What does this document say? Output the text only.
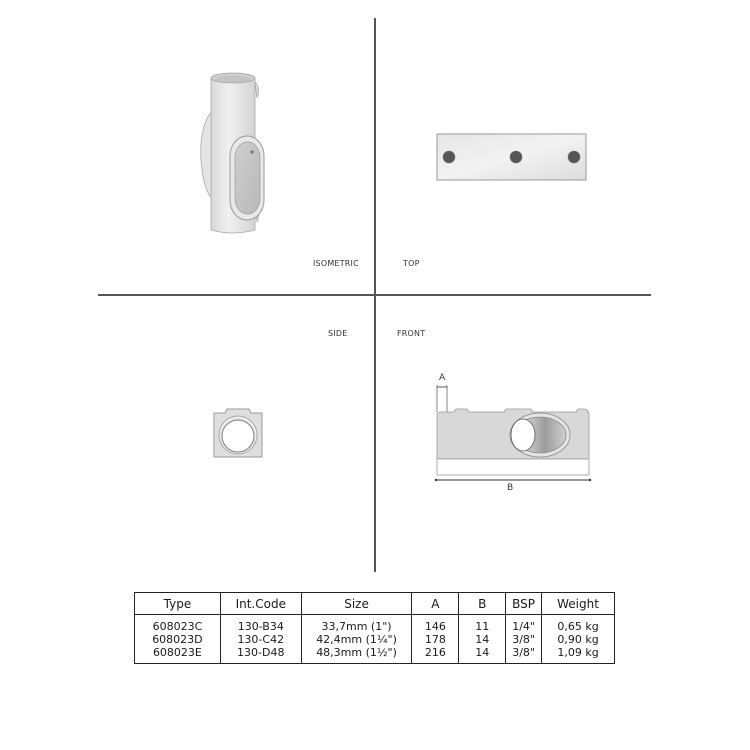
ISOMETRIC	TOP
SIDE	FRONT
A
B
Type	Int.Code	Size	A	B	BSP	Weight
608023C	130-B34	33,7mm (1")	146	11	1/4"	0,65 kg
608023D	130-C42	42,4mm (1¼")	178	14	3/8"	0,90 kg
608023E	130-D48	48,3mm (1½")	216	14	3/8"	1,09 kg
